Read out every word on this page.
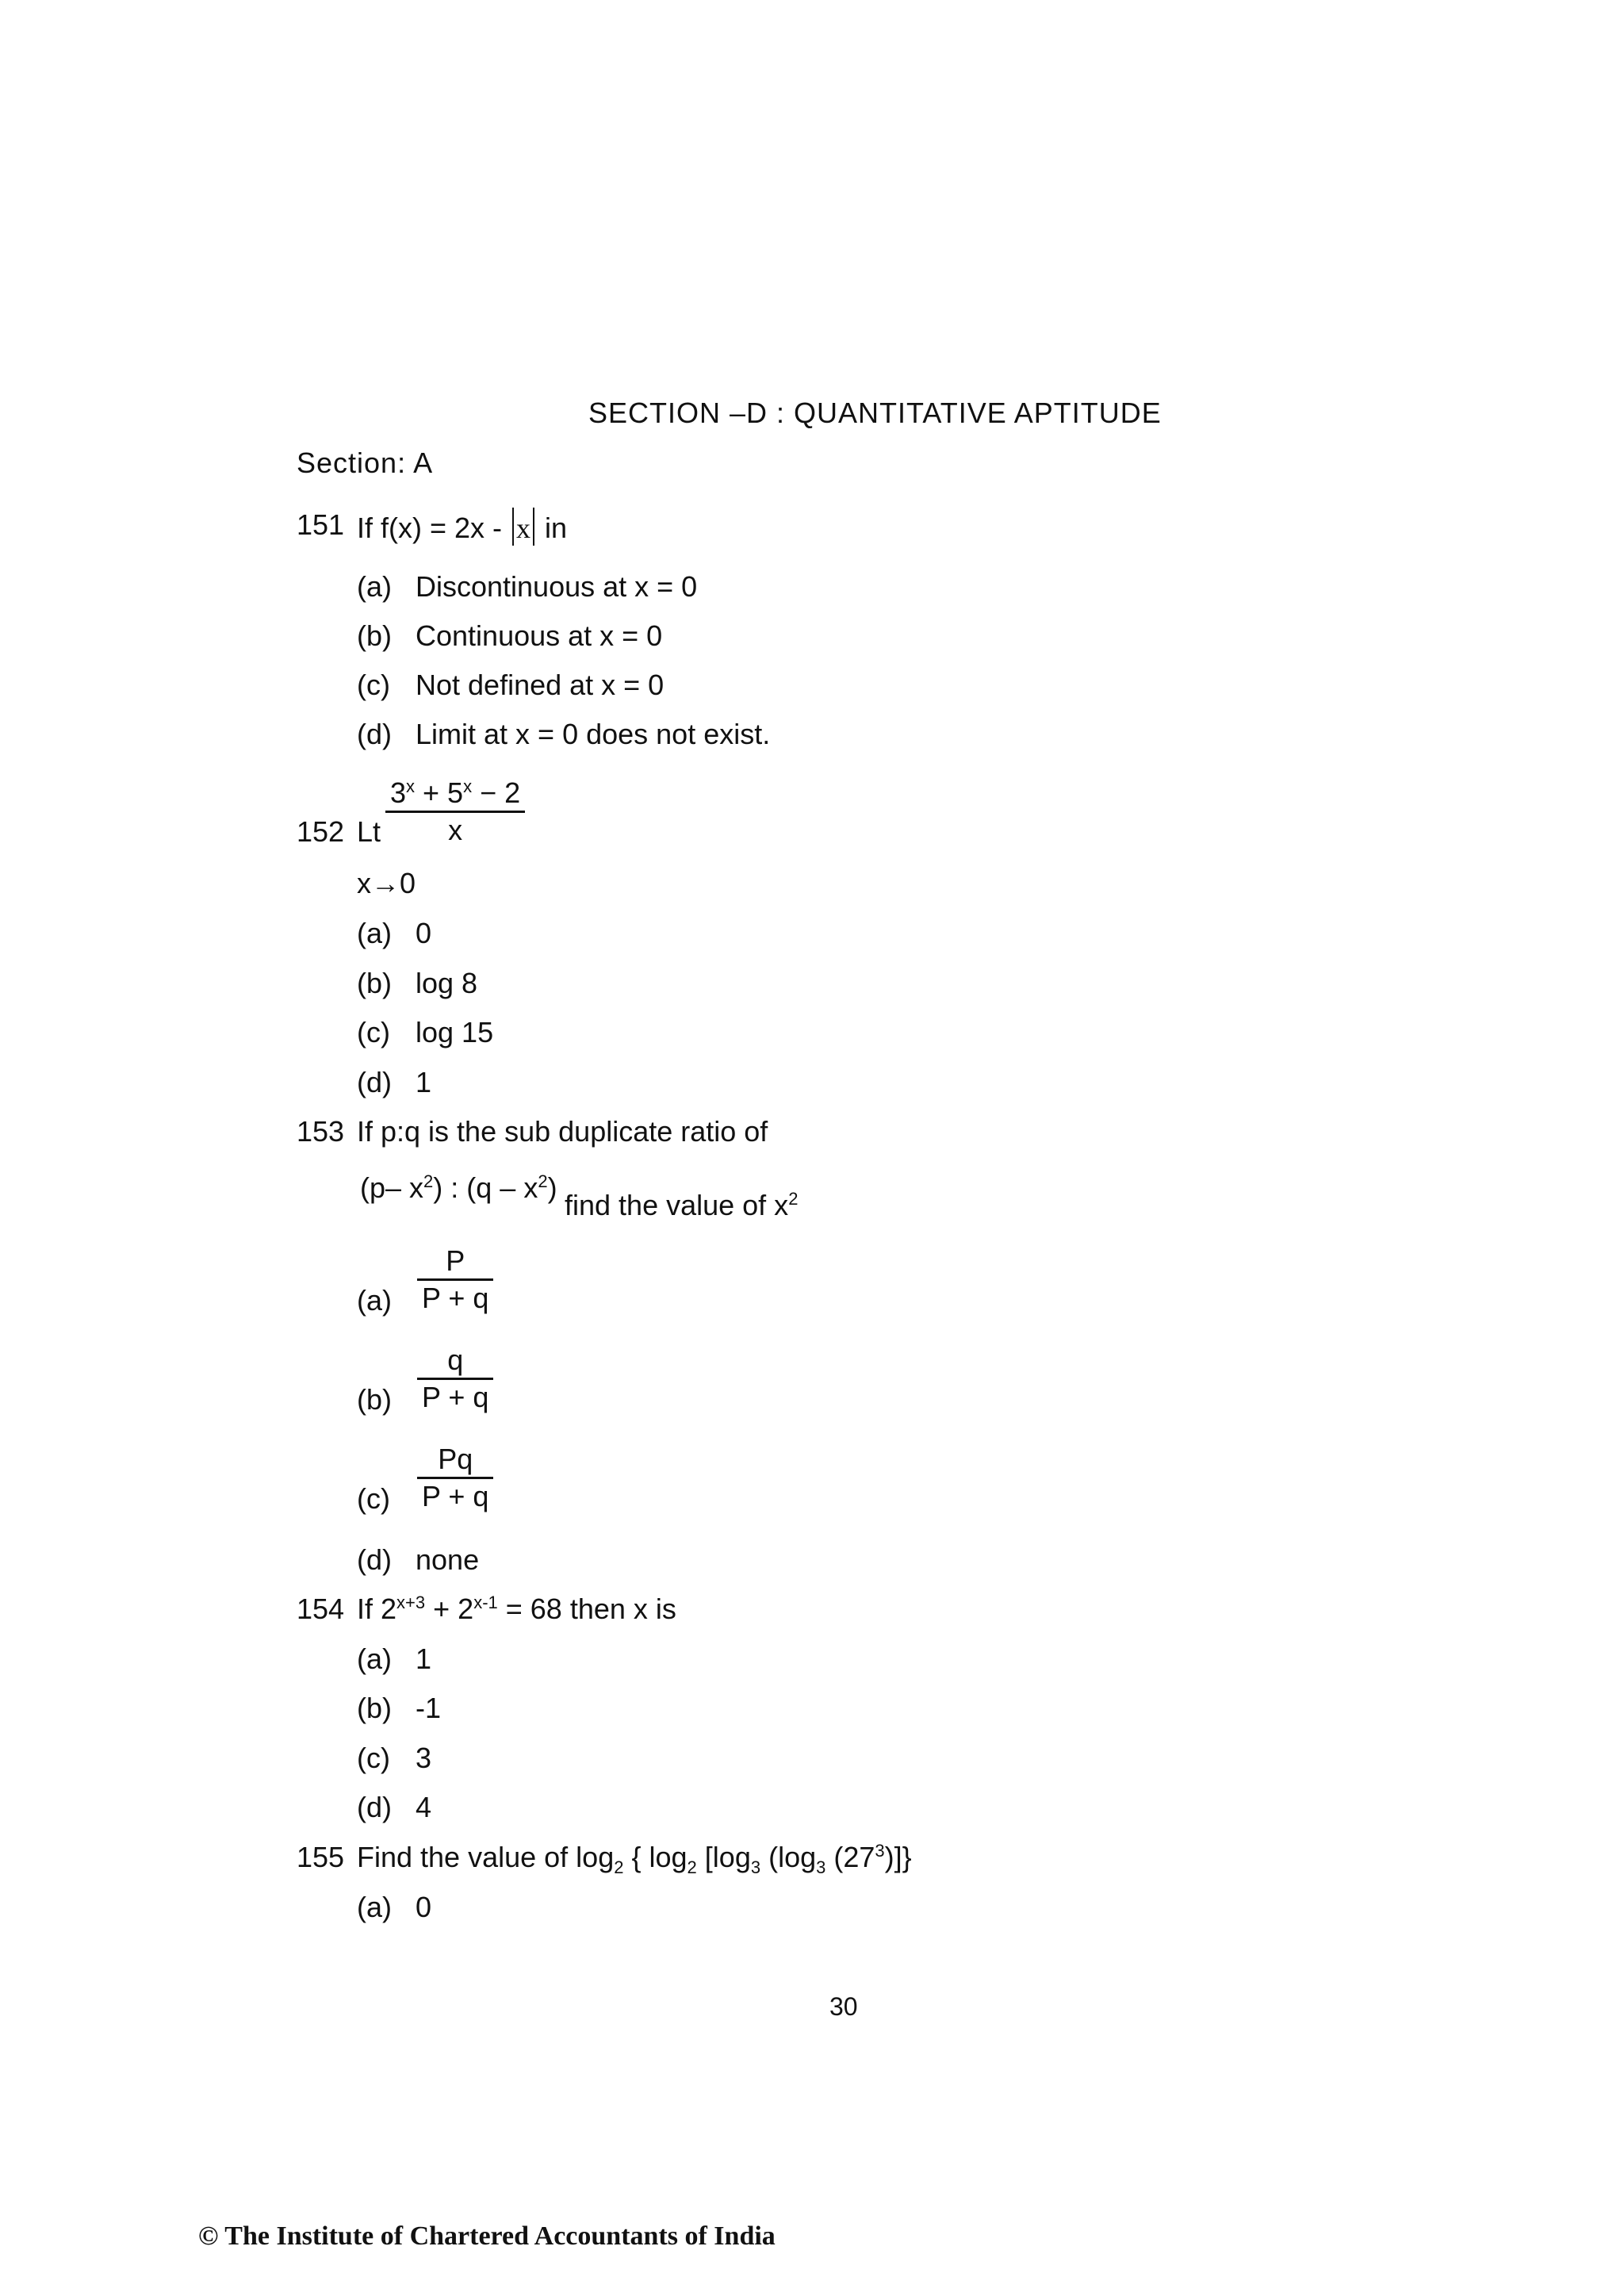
SECTION –D : QUANTITATIVE APTITUDE
Section: A
151 If f(x) = 2x - x in
(a) Discontinuous at x = 0
(b) Continuous at x = 0
(c) Not defined at x = 0
(d) Limit at x = 0 does not exist.
152 Lt
$3^x + 5^x - 2$
x
x→0
(a) 0
(b) log 8
(c) log 15
(d) 1
153 If p:q is the sub duplicate ratio of
(p– $x^2$) : $(q - x^2)$
find the value of $x^2$
(a)
P
P + q
(b)
q
P + q
(c)
Pq
P + q
(d) none
154 If $2^{x+3} + 2^{x-1} = 68$ then x is
(a) 1
(b) -1
(c) 3
(d) 4
155 Find the value of $\log_2$ { $\log_2 [\log_3$ ($\log_3$ $(27^3)$]}
(a) 0
30
© The Institute of Chartered Accountants of India
